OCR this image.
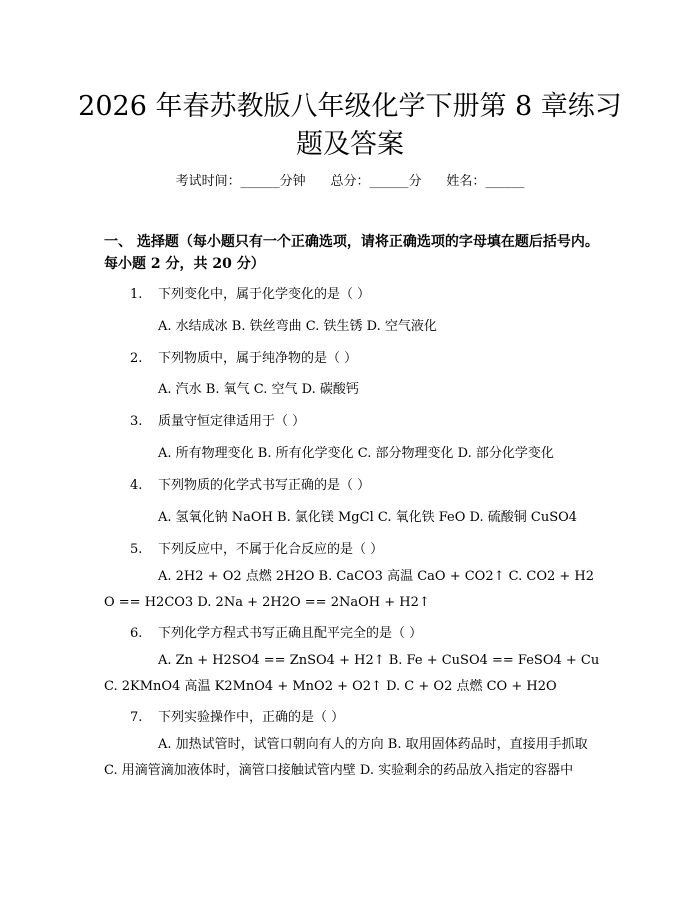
2026 年春苏教版八年级化学下册第 8 章练习
题及答案
考试时间：______分钟 总分：______分 姓名：______
一、 选择题（每小题只有一个正确选项，请将正确选项的字母填在题后括号内。每小题 2 分，共 20 分）
1. 下列变化中，属于化学变化的是（ ）
A. 水结成冰 B. 铁丝弯曲 C. 铁生锈 D. 空气液化
2. 下列物质中，属于纯净物的是（ ）
A. 汽水 B. 氧气 C. 空气 D. 碳酸钙
3. 质量守恒定律适用于（ ）
A. 所有物理变化 B. 所有化学变化 C. 部分物理变化 D. 部分化学变化
4. 下列物质的化学式书写正确的是（ ）
A. 氢氧化钠 NaOH B. 氯化镁 MgCl C. 氧化铁 FeO D. 硫酸铜 CuSO4
5. 下列反应中，不属于化合反应的是（ ）
A. 2H2 + O2 点燃 2H2O B. CaCO3 高温 CaO + CO2↑ C. CO2 + H2O == H2CO3 D. 2Na + 2H2O == 2NaOH + H2↑
6. 下列化学方程式书写正确且配平完全的是（ ）
A. Zn + H2SO4 == ZnSO4 + H2↑ B. Fe + CuSO4 == FeSO4 + Cu C. 2KMnO4 高温 K2MnO4 + MnO2 + O2↑ D. C + O2 点燃 CO + H2O
7. 下列实验操作中，正确的是（ ）
A. 加热试管时，试管口朝向有人的方向 B. 取用固体药品时，直接用手抓取 C. 用滴管滴加液体时，滴管口接触试管内壁 D. 实验剩余的药品放入指定的容器中
